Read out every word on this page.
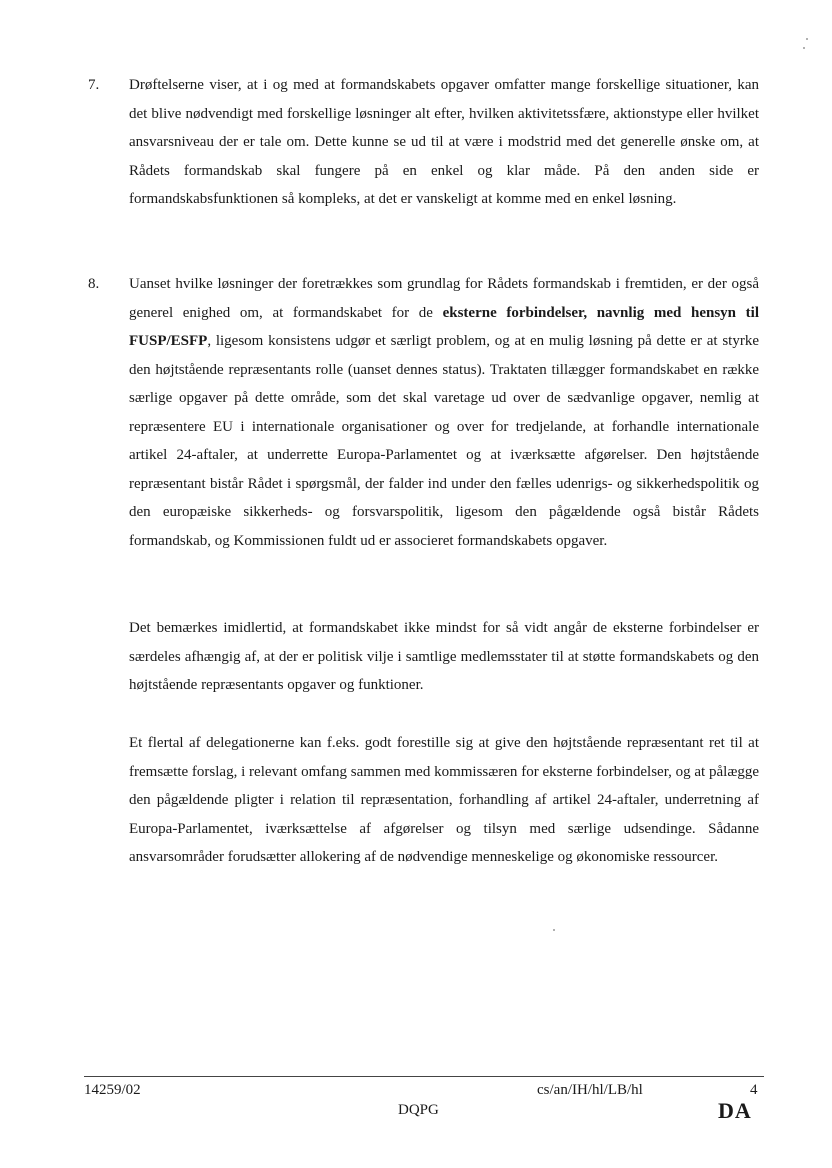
7. Drøftelserne viser, at i og med at formandskabets opgaver omfatter mange forskellige situationer, kan det blive nødvendigt med forskellige løsninger alt efter, hvilken aktivitetssfære, aktionstype eller hvilket ansvarsniveau der er tale om. Dette kunne se ud til at være i modstrid med det generelle ønske om, at Rådets formandskab skal fungere på en enkel og klar måde. På den anden side er formandskabsfunktionen så kompleks, at det er vanskeligt at komme med en enkel løsning.

8. Uanset hvilke løsninger der foretrækkes som grundlag for Rådets formandskab i fremtiden, er der også generel enighed om, at formandskabet for de eksterne forbindelser, navnlig med hensyn til FUSP/ESFP, ligesom konsistens udgør et særligt problem, og at en mulig løsning på dette er at styrke den højtstående repræsentants rolle (uanset dennes status). Traktaten tillægger formandskabet en række særlige opgaver på dette område, som det skal varetage ud over de sædvanlige opgaver, nemlig at repræsentere EU i internationale organisationer og over for tredjelande, at forhandle internationale artikel 24-aftaler, at underrette Europa-Parlamentet og at iværksætte afgørelser. Den højtstående repræsentant bistår Rådet i spørgsmål, der falder ind under den fælles udenrigs- og sikkerhedspolitik og den europæiske sikkerheds- og forsvarspolitik, ligesom den pågældende også bistår Rådets formandskab, og Kommissionen fuldt ud er associeret formandskabets opgaver.

Det bemærkes imidlertid, at formandskabet ikke mindst for så vidt angår de eksterne forbindelser er særdeles afhængig af, at der er politisk vilje i samtlige medlemsstater til at støtte formandskabets og den højtstående repræsentants opgaver og funktioner.

Et flertal af delegationerne kan f.eks. godt forestille sig at give den højtstående repræsentant ret til at fremsætte forslag, i relevant omfang sammen med kommissæren for eksterne forbindelser, og at pålægge den pågældende pligter i relation til repræsentation, forhandling af artikel 24-aftaler, underretning af Europa-Parlamentet, iværksættelse af afgørelser og tilsyn med særlige udsendinge. Sådanne ansvarsområder forudsætter allokering af de nødvendige menneskelige og økonomiske ressourcer.

14259/02	cs/an/IH/hl/LB/hl	4
DQPG	DA
